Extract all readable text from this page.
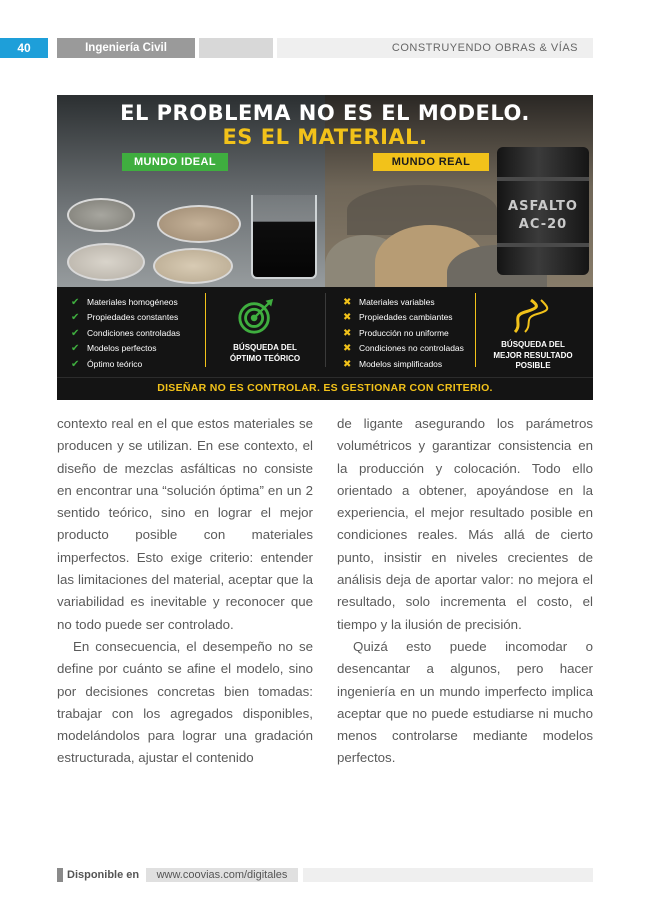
40	Ingeniería Civil	CONSTRUYENDO OBRAS & VÍAS
ASFALTO
AC-20
EL PROBLEMA NO ES EL MODELO.
ES EL MATERIAL.
MUNDO IDEAL	MUNDO REAL
✔ Materiales homogéneos
✔ Propiedades constantes
✔ Condiciones controladas
✔ Modelos perfectos
✔ Óptimo teórico
BÚSQUEDA DEL
ÓPTIMO TEÓRICO
✖ Materiales variables
✖ Propiedades cambiantes
✖ Producción no uniforme
✖ Condiciones no controladas
✖ Modelos simplificados
BÚSQUEDA DEL
MEJOR RESULTADO
POSIBLE
DISEÑAR NO ES CONTROLAR. ES GESTIONAR CON CRITERIO.

contexto real en el que estos materiales se producen y se utilizan. En ese contexto, el diseño de mezclas asfálticas no consiste en encontrar una “solución óptima” en un 2 sentido teórico, sino en lograr el mejor producto posible con materiales imperfectos. Esto exige criterio: entender las limitaciones del material, aceptar que la variabilidad es inevitable y reconocer que no todo puede ser controlado.

En consecuencia, el desempeño no se define por cuánto se afine el modelo, sino por decisiones concretas bien tomadas: trabajar con los agregados disponibles, modelándolos para lograr una gradación estructurada, ajustar el contenido

de ligante asegurando los parámetros volumétricos y garantizar consistencia en la producción y colocación. Todo ello orientado a obtener, apoyándose en la experiencia, el mejor resultado posible en condiciones reales. Más allá de cierto punto, insistir en niveles crecientes de análisis deja de aportar valor: no mejora el resultado, solo incrementa el costo, el tiempo y la ilusión de precisión.

Quizá esto puede incomodar o desencantar a algunos, pero hacer ingeniería en un mundo imperfecto implica aceptar que no puede estudiarse ni mucho menos controlarse mediante modelos perfectos.

Disponible en	www.coovias.com/digitales
